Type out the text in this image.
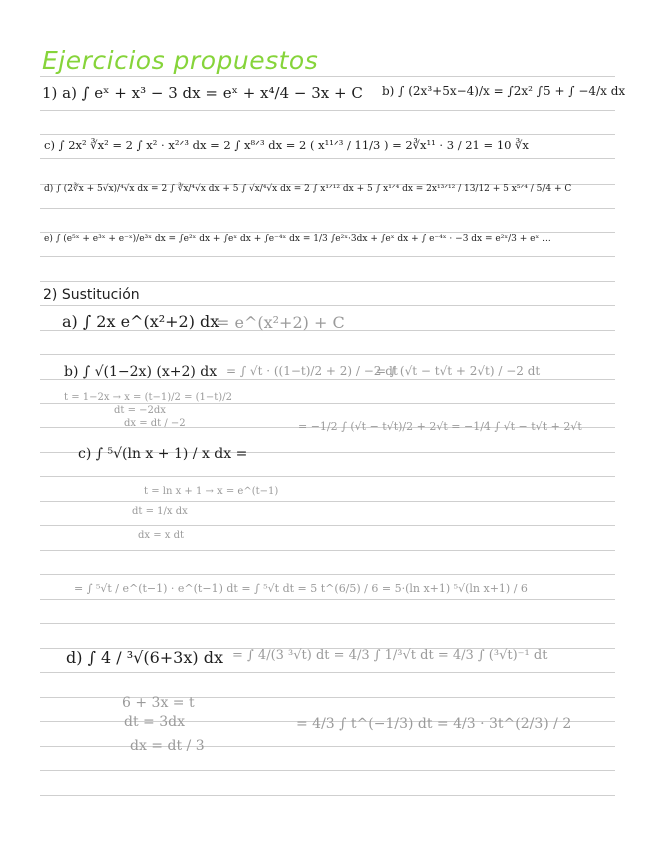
Ejercicios propuestos
1) a) ∫ eˣ + x³ − 3 dx = eˣ + x⁴/4 − 3x + C b) ∫ (2x³+5x−4)/x = ∫2x² ∫5 + ∫ −4/x dx
c) ∫ 2x² ∛x² = 2 ∫ x² · x²ᐟ³ dx = 2 ∫ x⁸ᐟ³ dx = 2 ( x¹¹ᐟ³ / 11/3 ) = 2∛x¹¹ · 3 / 21 = 10 ∛x
d) ∫ (2∛x + 5√x)/⁴√x dx = 2 ∫ ∛x/⁴√x dx + 5 ∫ √x/⁴√x dx = 2 ∫ x¹ᐟ¹² dx + 5 ∫ x¹ᐟ⁴ dx = 2x¹³ᐟ¹² / 13/12 + 5 x⁵ᐟ⁴ / 5/4 + C
e) ∫ (e⁵ˣ + e³ˣ + e⁻ˣ)/e³ˣ dx = ∫e²ˣ dx + ∫eˣ dx + ∫e⁻⁴ˣ dx = 1/3 ∫e²ˣ·3dx + ∫eˣ dx + ∫ e⁻⁴ˣ · −3 dx = e²ˣ/3 + eˣ ...
2) Sustitución
a) ∫ 2x e^(x²+2) dx
= e^(x²+2) + C
b) ∫ √(1−2x) (x+2) dx = ∫ √t · ((1−t)/2 + 2) / −2 dt
= ∫ (√t − t√t + 2√t) / −2 dt
t = 1−2x → x = (t−1)/2 = (1−t)/2
dt = −2dx
dx = dt / −2	= −1/2 ∫ (√t − t√t)/2 + 2√t = −1/4 ∫ √t − t√t + 2√t
c) ∫ ⁵√(ln x + 1) / x dx =
t = ln x + 1 → x = e^(t−1)
dt = 1/x dx
dx = x dt
= ∫ ⁵√t / e^(t−1) · e^(t−1) dt = ∫ ⁵√t dt = 5 t^(6/5) / 6 = 5·(ln x+1) ⁵√(ln x+1) / 6
d) ∫ 4 / ³√(6+3x) dx = ∫ 4/(3 ³√t) dt = 4/3 ∫ 1/³√t dt = 4/3 ∫ (³√t)⁻¹ dt
6 + 3x = t
dt = 3dx
dx = dt / 3
= 4/3 ∫ t^(−1/3) dt = 4/3 · 3t^(2/3) / 2
